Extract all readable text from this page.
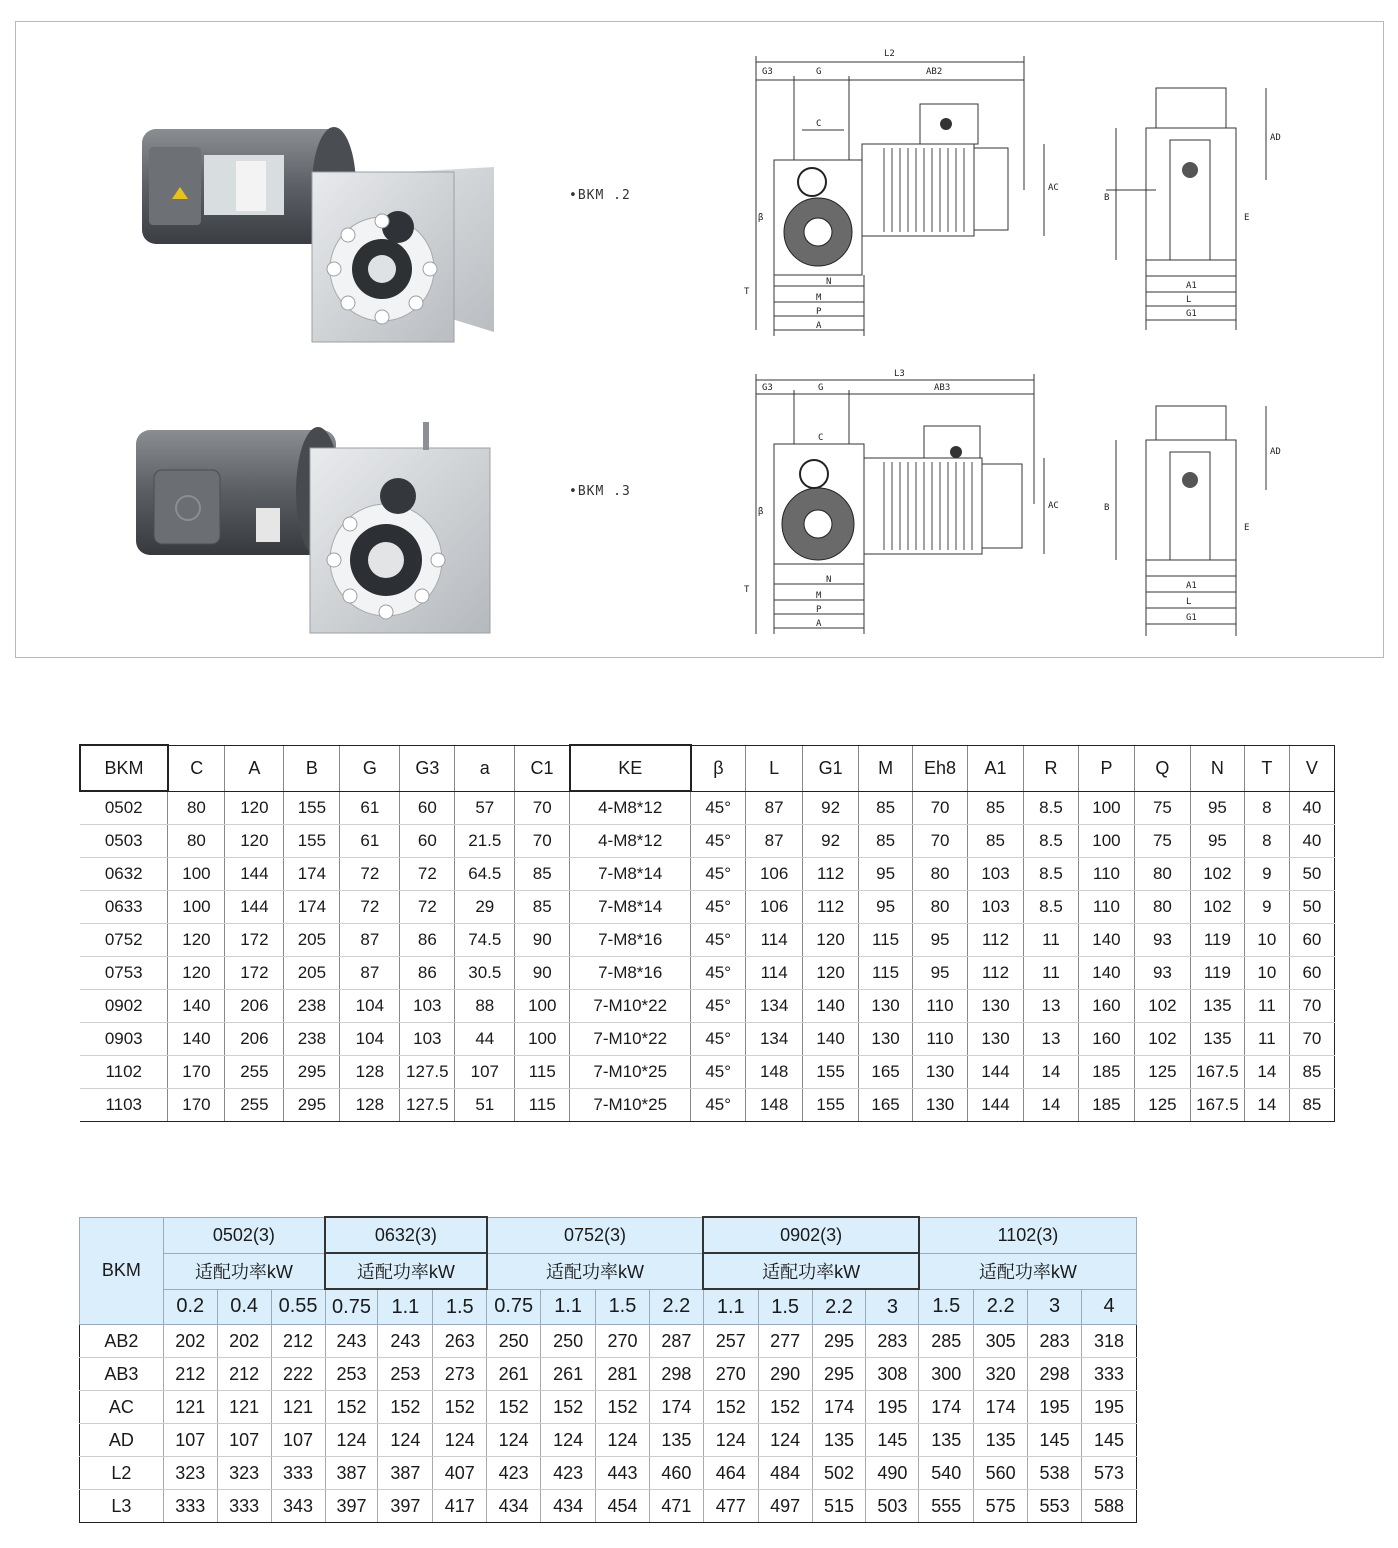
•BKM .2
•BKM .3
L2
G3	G	AB2
C
AC
β
T
N
M
P
A
B
AD
E
A1
L
G1
L3
G3	G	AB3
C
AC
β
T
N
M
P
A
B
AD
E
A1
L
G1
BKM	C	A	B	G	G3	a	C1	KE	β	L	G1	M	Eh8	A1	R	P	Q	N	T	V
0502	80	120	155	61	60	57	70	4-M8*12	45°	87	92	85	70	85	8.5	100	75	95	8	40
0503	80	120	155	61	60	21.5	70	4-M8*12	45°	87	92	85	70	85	8.5	100	75	95	8	40
0632	100	144	174	72	72	64.5	85	7-M8*14	45°	106	112	95	80	103	8.5	110	80	102	9	50
0633	100	144	174	72	72	29	85	7-M8*14	45°	106	112	95	80	103	8.5	110	80	102	9	50
0752	120	172	205	87	86	74.5	90	7-M8*16	45°	114	120	115	95	112	11	140	93	119	10	60
0753	120	172	205	87	86	30.5	90	7-M8*16	45°	114	120	115	95	112	11	140	93	119	10	60
0902	140	206	238	104	103	88	100	7-M10*22	45°	134	140	130	110	130	13	160	102	135	11	70
0903	140	206	238	104	103	44	100	7-M10*22	45°	134	140	130	110	130	13	160	102	135	11	70
1102	170	255	295	128	127.5	107	115	7-M10*25	45°	148	155	165	130	144	14	185	125	167.5	14	85
1103	170	255	295	128	127.5	51	115	7-M10*25	45°	148	155	165	130	144	14	185	125	167.5	14	85
BKM	0502(3)			0632(3)			0752(3)				0902(3)				1102(3)			
	适配功率kW			适配功率kW			适配功率kW				适配功率kW				适配功率kW			
	0.2	0.4	0.55	0.75	1.1	1.5	0.75	1.1	1.5	2.2	1.1	1.5	2.2	3	1.5	2.2	3	4
AB2	202	202	212	243	243	263	250	250	270	287	257	277	295	283	285	305	283	318
AB3	212	212	222	253	253	273	261	261	281	298	270	290	295	308	300	320	298	333
AC	121	121	121	152	152	152	152	152	152	174	152	152	174	195	174	174	195	195
AD	107	107	107	124	124	124	124	124	124	135	124	124	135	145	135	135	145	145
L2	323	323	333	387	387	407	423	423	443	460	464	484	502	490	540	560	538	573
L3	333	333	343	397	397	417	434	434	454	471	477	497	515	503	555	575	553	588
